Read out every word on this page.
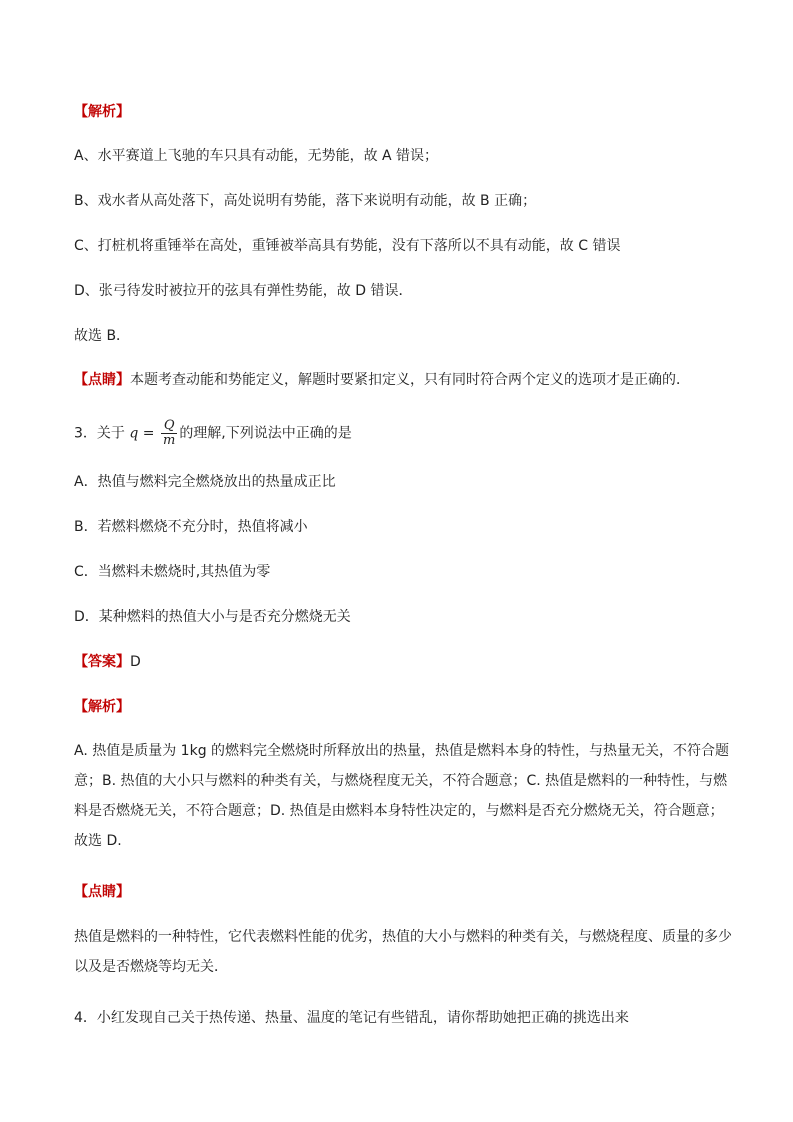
【解析】
A、水平赛道上飞驰的车只具有动能，无势能，故 A 错误；
B、戏水者从高处落下，高处说明有势能，落下来说明有动能，故 B 正确；
C、打桩机将重锤举在高处，重锤被举高具有势能，没有下落所以不具有动能，故 C 错误
D、张弓待发时被拉开的弦具有弹性势能，故 D 错误．
故选 B．
【点睛】本题考查动能和势能定义，解题时要紧扣定义，只有同时符合两个定义的选项才是正确的．
3．关于 $q = \frac{Q}{m}$ 的理解,下列说法中正确的是
A．热值与燃料完全燃烧放出的热量成正比
B．若燃料燃烧不充分时，热值将减小
C．当燃料未燃烧时,其热值为零
D．某种燃料的热值大小与是否充分燃烧无关
【答案】D
【解析】
A. 热值是质量为 1kg 的燃料完全燃烧时所释放出的热量，热值是燃料本身的特性，与热量无关，不符合题意；B. 热值的大小只与燃料的种类有关，与燃烧程度无关，不符合题意；C. 热值是燃料的一种特性，与燃料是否燃烧无关，不符合题意；D. 热值是由燃料本身特性决定的，与燃料是否充分燃烧无关，符合题意；故选 D.
【点睛】
热值是燃料的一种特性，它代表燃料性能的优劣，热值的大小与燃料的种类有关，与燃烧程度、质量的多少以及是否燃烧等均无关．
4．小红发现自己关于热传递、热量、温度的笔记有些错乱，请你帮助她把正确的挑选出来
